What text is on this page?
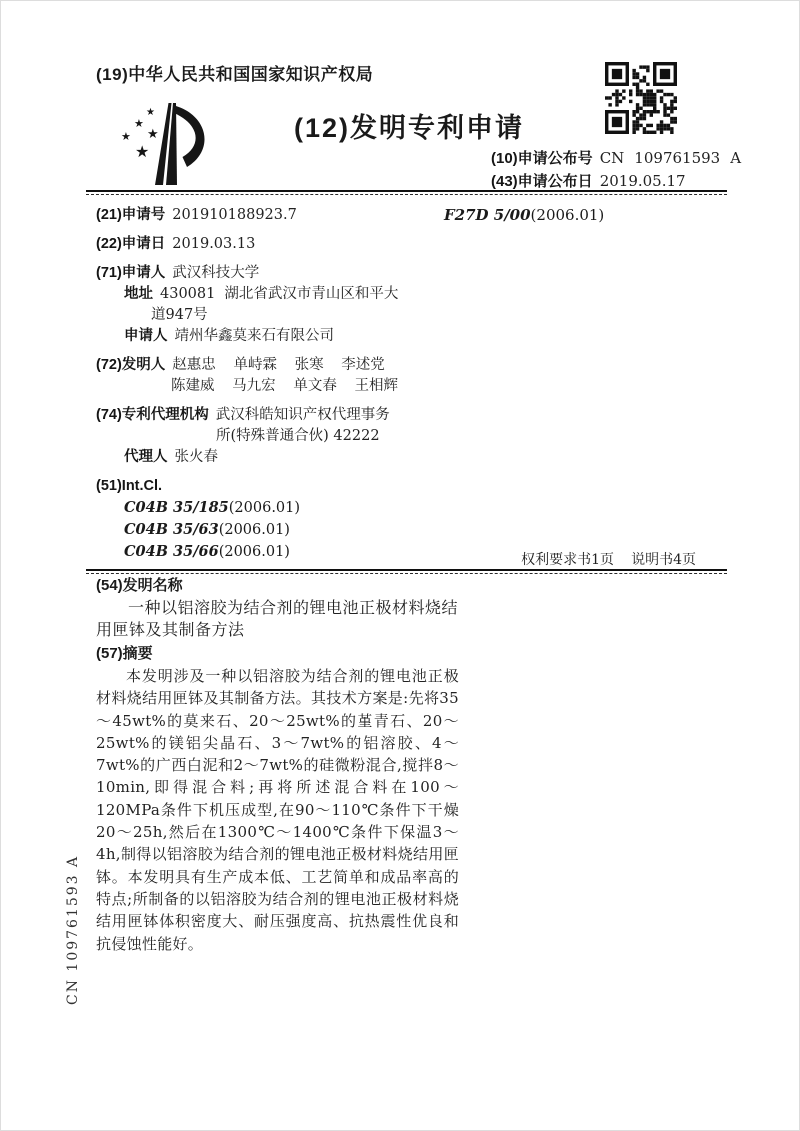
CN 109761593 A
(19)中华人民共和国国家知识产权局
★
★
★
★
★
(12)发明专利申请
(10)申请公布号 CN 109761593 A
(43)申请公布日 2019.05.17
(21)申请号 201910188923.7
(22)申请日 2019.03.13
(71)申请人 武汉科技大学
地址 430081 湖北省武汉市青山区和平大
道947号
申请人 靖州华鑫莫来石有限公司
(72)发明人 赵惠忠 单峙霖 张寒 李述党
陈建威 马九宏 单文春 王相辉
(74)专利代理机构 武汉科皓知识产权代理事务
所(特殊普通合伙) 42222
代理人 张火春
(51)Int.Cl.
C04B 35/185(2006.01)
C04B 35/63(2006.01)
C04B 35/66(2006.01)
F27D 5/00(2006.01)
权利要求书1页 说明书4页
(54)发明名称
一种以铝溶胶为结合剂的锂电池正极材料烧结用匣钵及其制备方法
(57)摘要
本发明涉及一种以铝溶胶为结合剂的锂电池正极材料烧结用匣钵及其制备方法。其技术方案是:先将35～45wt%的莫来石、20～25wt%的堇青石、20～25wt%的镁铝尖晶石、3～7wt%的铝溶胶、4～7wt%的广西白泥和2～7wt%的硅微粉混合,搅拌8～10min,即得混合料;再将所述混合料在100～120MPa条件下机压成型,在90～110℃条件下干燥20～25h,然后在1300℃～1400℃条件下保温3～4h,制得以铝溶胶为结合剂的锂电池正极材料烧结用匣钵。本发明具有生产成本低、工艺简单和成品率高的特点;所制备的以铝溶胶为结合剂的锂电池正极材料烧结用匣钵体积密度大、耐压强度高、抗热震性优良和抗侵蚀性能好。
